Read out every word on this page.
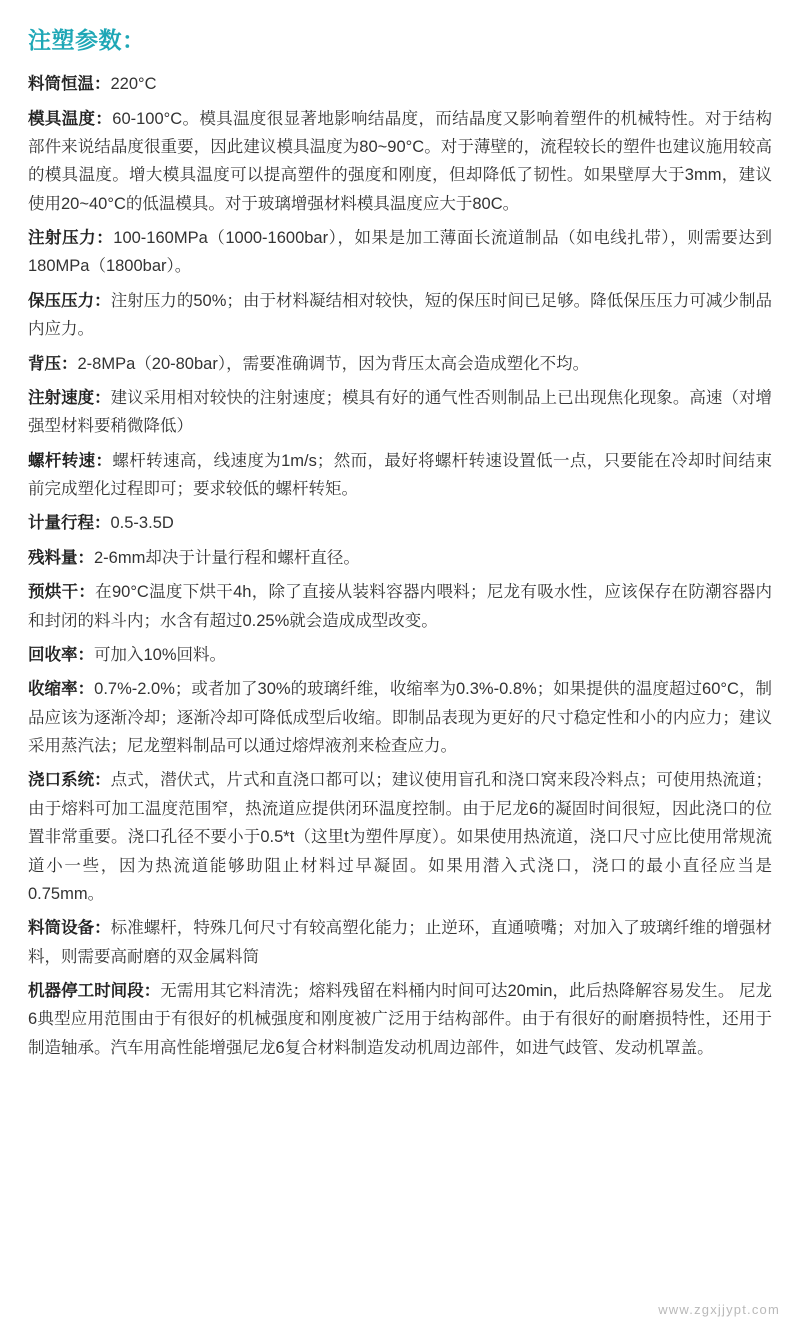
注塑参数：

料筒恒温：220°C

模具温度：60-100°C。模具温度很显著地影响结晶度，而结晶度又影响着塑件的机械特性。对于结构部件来说结晶度很重要，因此建议模具温度为80~90°C。对于薄壁的，流程较长的塑件也建议施用较高的模具温度。增大模具温度可以提高塑件的强度和刚度，但却降低了韧性。如果壁厚大于3mm，建议使用20~40°C的低温模具。对于玻璃增强材料模具温度应大于80C。

注射压力：100-160MPa（1000-1600bar），如果是加工薄面长流道制品（如电线扎带），则需要达到180MPa（1800bar）。

保压压力：注射压力的50%；由于材料凝结相对较快，短的保压时间已足够。降低保压压力可减少制品内应力。

背压：2-8MPa（20-80bar），需要准确调节，因为背压太高会造成塑化不均。

注射速度：建议采用相对较快的注射速度；模具有好的通气性否则制品上已出现焦化现象。高速（对增强型材料要稍微降低）

螺杆转速：螺杆转速高，线速度为1m/s；然而，最好将螺杆转速设置低一点，只要能在冷却时间结束前完成塑化过程即可；要求较低的螺杆转矩。

计量行程：0.5-3.5D

残料量：2-6mm却决于计量行程和螺杆直径。

预烘干：在90°C温度下烘干4h，除了直接从装料容器内喂料；尼龙有吸水性，应该保存在防潮容器内和封闭的料斗内；水含有超过0.25%就会造成成型改变。

回收率：可加入10%回料。

收缩率：0.7%-2.0%；或者加了30%的玻璃纤维，收缩率为0.3%-0.8%；如果提供的温度超过60°C，制品应该为逐渐冷却；逐渐冷却可降低成型后收缩。即制品表现为更好的尺寸稳定性和小的内应力；建议采用蒸汽法；尼龙塑料制品可以通过熔焊液剂来检查应力。

浇口系统：点式，潜伏式，片式和直浇口都可以；建议使用盲孔和浇口窝来段冷料点；可使用热流道；由于熔料可加工温度范围窄，热流道应提供闭环温度控制。由于尼龙6的凝固时间很短，因此浇口的位置非常重要。浇口孔径不要小于0.5*t（这里t为塑件厚度）。如果使用热流道，浇口尺寸应比使用常规流道小一些，因为热流道能够助阻止材料过早凝固。如果用潜入式浇口，浇口的最小直径应当是0.75mm。

料筒设备：标准螺杆，特殊几何尺寸有较高塑化能力；止逆环，直通喷嘴；对加入了玻璃纤维的增强材料，则需要高耐磨的双金属料筒

机器停工时间段：无需用其它料清洗；熔料残留在料桶内时间可达20min，此后热降解容易发生。 尼龙6典型应用范围由于有很好的机械强度和刚度被广泛用于结构部件。由于有很好的耐磨损特性，还用于制造轴承。汽车用高性能增强尼龙6复合材料制造发动机周边部件，如进气歧管、发动机罩盖。

www.zgxjjypt.com
